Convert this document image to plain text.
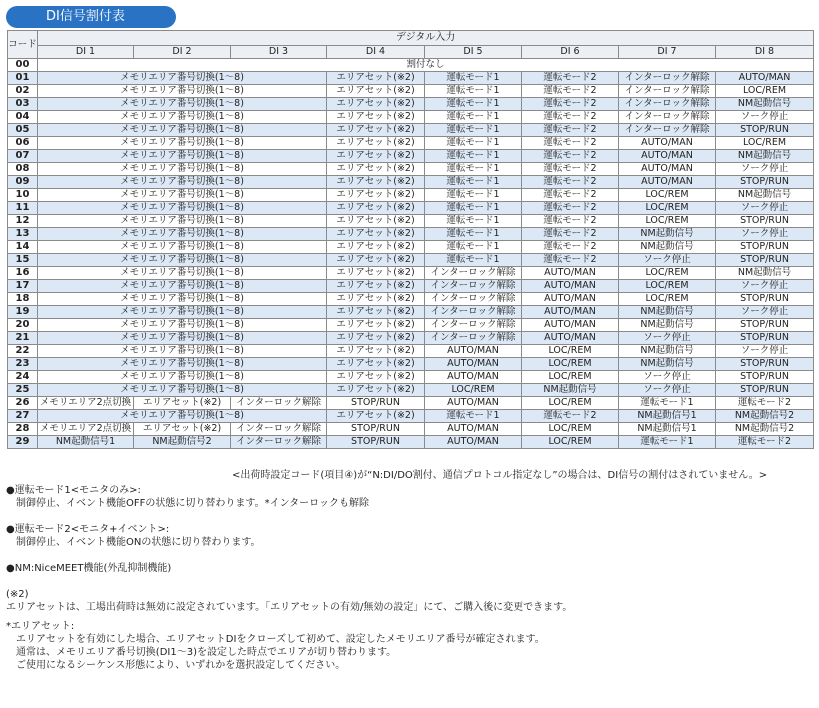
DI信号割付表
コード	デジタル入力							
	DI 1	DI 2	DI 3	DI 4	DI 5	DI 6	DI 7	DI 8
00	割付なし							
01	メモリエリア番号切換(1〜8)			エリアセット(※2)	運転モード1	運転モード2	インターロック解除	AUTO/MAN
02	メモリエリア番号切換(1〜8)			エリアセット(※2)	運転モード1	運転モード2	インターロック解除	LOC/REM
03	メモリエリア番号切換(1〜8)			エリアセット(※2)	運転モード1	運転モード2	インターロック解除	NM起動信号
04	メモリエリア番号切換(1〜8)			エリアセット(※2)	運転モード1	運転モード2	インターロック解除	ソーク停止
05	メモリエリア番号切換(1〜8)			エリアセット(※2)	運転モード1	運転モード2	インターロック解除	STOP/RUN
06	メモリエリア番号切換(1〜8)			エリアセット(※2)	運転モード1	運転モード2	AUTO/MAN	LOC/REM
07	メモリエリア番号切換(1〜8)			エリアセット(※2)	運転モード1	運転モード2	AUTO/MAN	NM起動信号
08	メモリエリア番号切換(1〜8)			エリアセット(※2)	運転モード1	運転モード2	AUTO/MAN	ソーク停止
09	メモリエリア番号切換(1〜8)			エリアセット(※2)	運転モード1	運転モード2	AUTO/MAN	STOP/RUN
10	メモリエリア番号切換(1〜8)			エリアセット(※2)	運転モード1	運転モード2	LOC/REM	NM起動信号
11	メモリエリア番号切換(1〜8)			エリアセット(※2)	運転モード1	運転モード2	LOC/REM	ソーク停止
12	メモリエリア番号切換(1〜8)			エリアセット(※2)	運転モード1	運転モード2	LOC/REM	STOP/RUN
13	メモリエリア番号切換(1〜8)			エリアセット(※2)	運転モード1	運転モード2	NM起動信号	ソーク停止
14	メモリエリア番号切換(1〜8)			エリアセット(※2)	運転モード1	運転モード2	NM起動信号	STOP/RUN
15	メモリエリア番号切換(1〜8)			エリアセット(※2)	運転モード1	運転モード2	ソーク停止	STOP/RUN
16	メモリエリア番号切換(1〜8)			エリアセット(※2)	インターロック解除	AUTO/MAN	LOC/REM	NM起動信号
17	メモリエリア番号切換(1〜8)			エリアセット(※2)	インターロック解除	AUTO/MAN	LOC/REM	ソーク停止
18	メモリエリア番号切換(1〜8)			エリアセット(※2)	インターロック解除	AUTO/MAN	LOC/REM	STOP/RUN
19	メモリエリア番号切換(1〜8)			エリアセット(※2)	インターロック解除	AUTO/MAN	NM起動信号	ソーク停止
20	メモリエリア番号切換(1〜8)			エリアセット(※2)	インターロック解除	AUTO/MAN	NM起動信号	STOP/RUN
21	メモリエリア番号切換(1〜8)			エリアセット(※2)	インターロック解除	AUTO/MAN	ソーク停止	STOP/RUN
22	メモリエリア番号切換(1〜8)			エリアセット(※2)	AUTO/MAN	LOC/REM	NM起動信号	ソーク停止
23	メモリエリア番号切換(1〜8)			エリアセット(※2)	AUTO/MAN	LOC/REM	NM起動信号	STOP/RUN
24	メモリエリア番号切換(1〜8)			エリアセット(※2)	AUTO/MAN	LOC/REM	ソーク停止	STOP/RUN
25	メモリエリア番号切換(1〜8)			エリアセット(※2)	LOC/REM	NM起動信号	ソーク停止	STOP/RUN
26	メモリエリア2点切換	エリアセット(※2)	インターロック解除	STOP/RUN	AUTO/MAN	LOC/REM	運転モード1	運転モード2
27	メモリエリア番号切換(1〜8)			エリアセット(※2)	運転モード1	運転モード2	NM起動信号1	NM起動信号2
28	メモリエリア2点切換	エリアセット(※2)	インターロック解除	STOP/RUN	AUTO/MAN	LOC/REM	NM起動信号1	NM起動信号2
29	NM起動信号1	NM起動信号2	インターロック解除	STOP/RUN	AUTO/MAN	LOC/REM	運転モード1	運転モード2
<出荷時設定コード(項目④)が“N:DI/DO割付、通信プロトコル指定なし”の場合は、DI信号の割付はされていません。>
●運転モード1<モニタのみ>:
制御停止、イベント機能OFFの状態に切り替わります。*インターロックも解除
●運転モード2<モニタ+イベント>:
制御停止、イベント機能ONの状態に切り替わります。
●NM:NiceMEET機能(外乱抑制機能)
(※2)
エリアセットは、工場出荷時は無効に設定されています。「エリアセットの有効/無効の設定」にて、ご購入後に変更できます。
*エリアセット:
エリアセットを有効にした場合、エリアセットDIをクローズして初めて、設定したメモリエリア番号が確定されます。
通常は、メモリエリア番号切換(DI1〜3)を設定した時点でエリアが切り替わります。
ご使用になるシーケンス形態により、いずれかを選択設定してください。
